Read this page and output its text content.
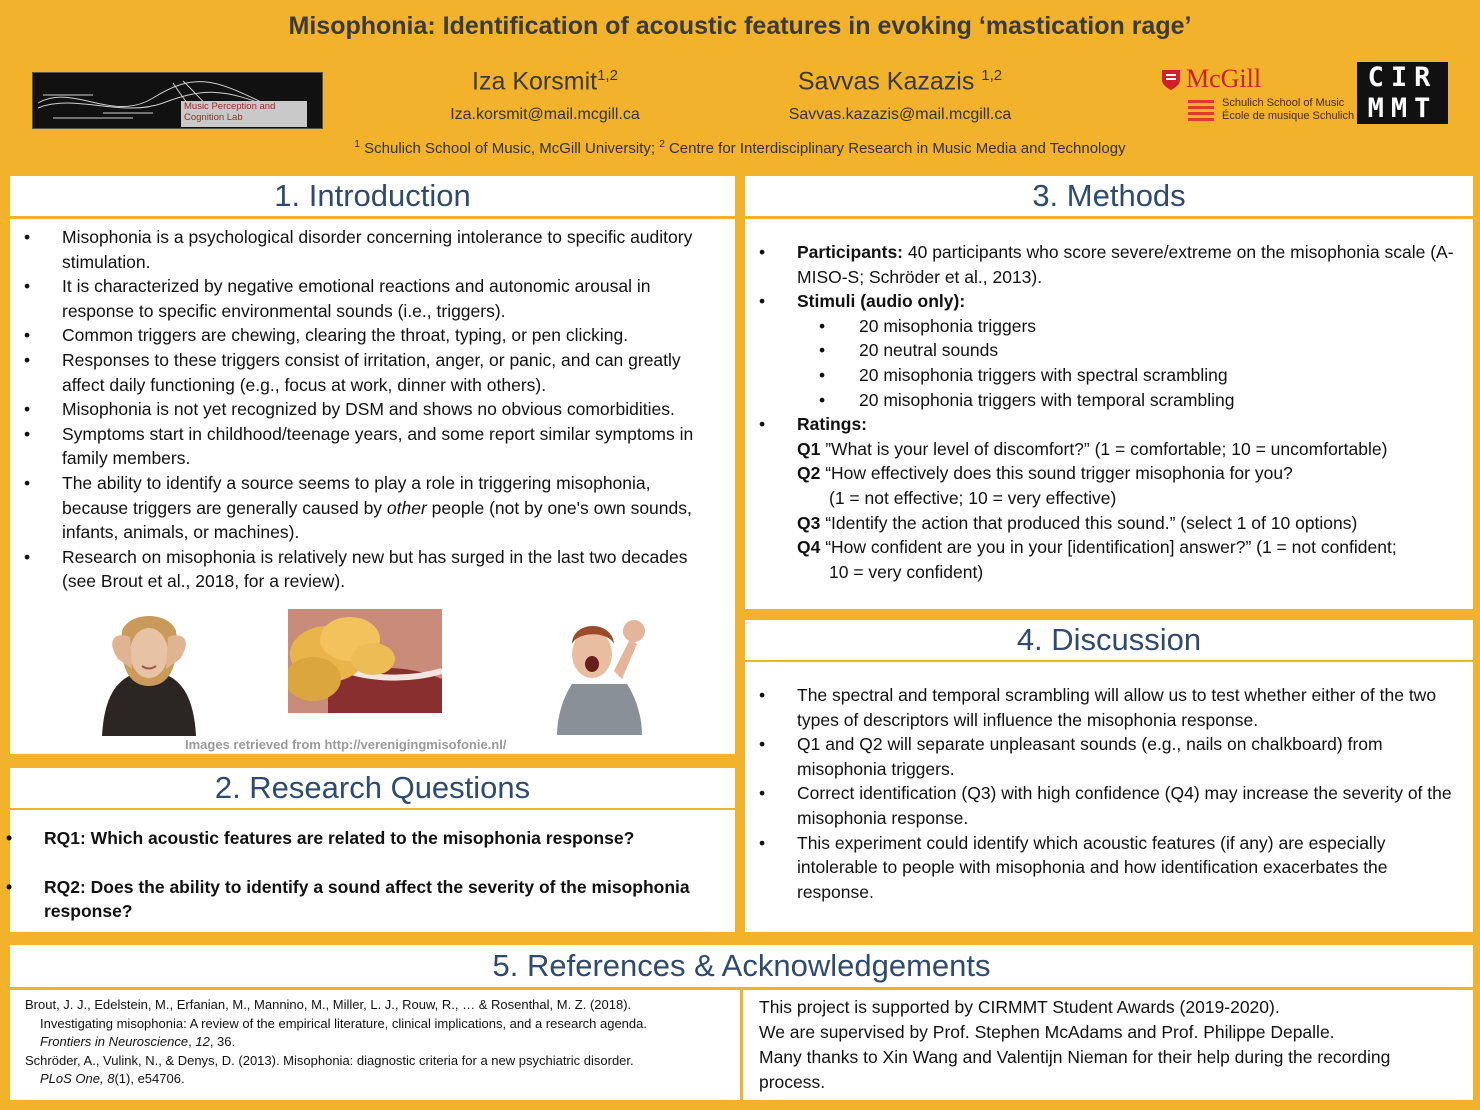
Misophonia: Identification of acoustic features in evoking ‘mastication rage’
Music Perception and Cognition Lab
Iza Korsmit$^{1,2}$
Iza.korsmit@mail.mcgill.ca
Savvas Kazazis $^{1,2}$
Savvas.kazazis@mail.mcgill.ca
$^1$ Schulich School of Music, McGill University; $^2$ Centre for Interdisciplinary Research in Music Media and Technology
McGill
Schulich School of Music
École de musique Schulich
CIR
MMT
1. Introduction
• Misophonia is a psychological disorder concerning intolerance to specific auditory stimulation.
• It is characterized by negative emotional reactions and autonomic arousal in response to specific environmental sounds (i.e., triggers).
• Common triggers are chewing, clearing the throat, typing, or pen clicking.
• Responses to these triggers consist of irritation, anger, or panic, and can greatly affect daily functioning (e.g., focus at work, dinner with others).
• Misophonia is not yet recognized by DSM and shows no obvious comorbidities.
• Symptoms start in childhood/teenage years, and some report similar symptoms in family members.
• The ability to identify a source seems to play a role in triggering misophonia, because triggers are generally caused by other people (not by one's own sounds, infants, animals, or machines).
• Research on misophonia is relatively new but has surged in the last two decades (see Brout et al., 2018, for a review).
Images retrieved from http://verenigingmisofonie.nl/
2. Research Questions
• RQ1: Which acoustic features are related to the misophonia response?
• RQ2: Does the ability to identify a sound affect the severity of the misophonia response?
3. Methods
• Participants: 40 participants who score severe/extreme on the misophonia scale (A-MISO-S; Schröder et al., 2013).
• Stimuli (audio only):
• 20 misophonia triggers
• 20 neutral sounds
• 20 misophonia triggers with spectral scrambling
• 20 misophonia triggers with temporal scrambling
• Ratings:
Q1 ”What is your level of discomfort?” (1 = comfortable; 10 = uncomfortable)
Q2 “How effectively does this sound trigger misophonia for you?
(1 = not effective; 10 = very effective)
Q3 “Identify the action that produced this sound.” (select 1 of 10 options)
Q4 “How confident are you in your [identification] answer?” (1 = not confident;
10 = very confident)
4. Discussion
• The spectral and temporal scrambling will allow us to test whether either of the two types of descriptors will influence the misophonia response.
• Q1 and Q2 will separate unpleasant sounds (e.g., nails on chalkboard) from misophonia triggers.
• Correct identification (Q3) with high confidence (Q4) may increase the severity of the misophonia response.
• This experiment could identify which acoustic features (if any) are especially intolerable to people with misophonia and how identification exacerbates the response.
5. References & Acknowledgements
Brout, J. J., Edelstein, M., Erfanian, M., Mannino, M., Miller, L. J., Rouw, R., … & Rosenthal, M. Z. (2018).
Investigating misophonia: A review of the empirical literature, clinical implications, and a research agenda.
Frontiers in Neuroscience, 12, 36.
Schröder, A., Vulink, N., & Denys, D. (2013). Misophonia: diagnostic criteria for a new psychiatric disorder.
PLoS One, 8(1), e54706.
This project is supported by CIRMMT Student Awards (2019-2020).
We are supervised by Prof. Stephen McAdams and Prof. Philippe Depalle.
Many thanks to Xin Wang and Valentijn Nieman for their help during the recording process.
